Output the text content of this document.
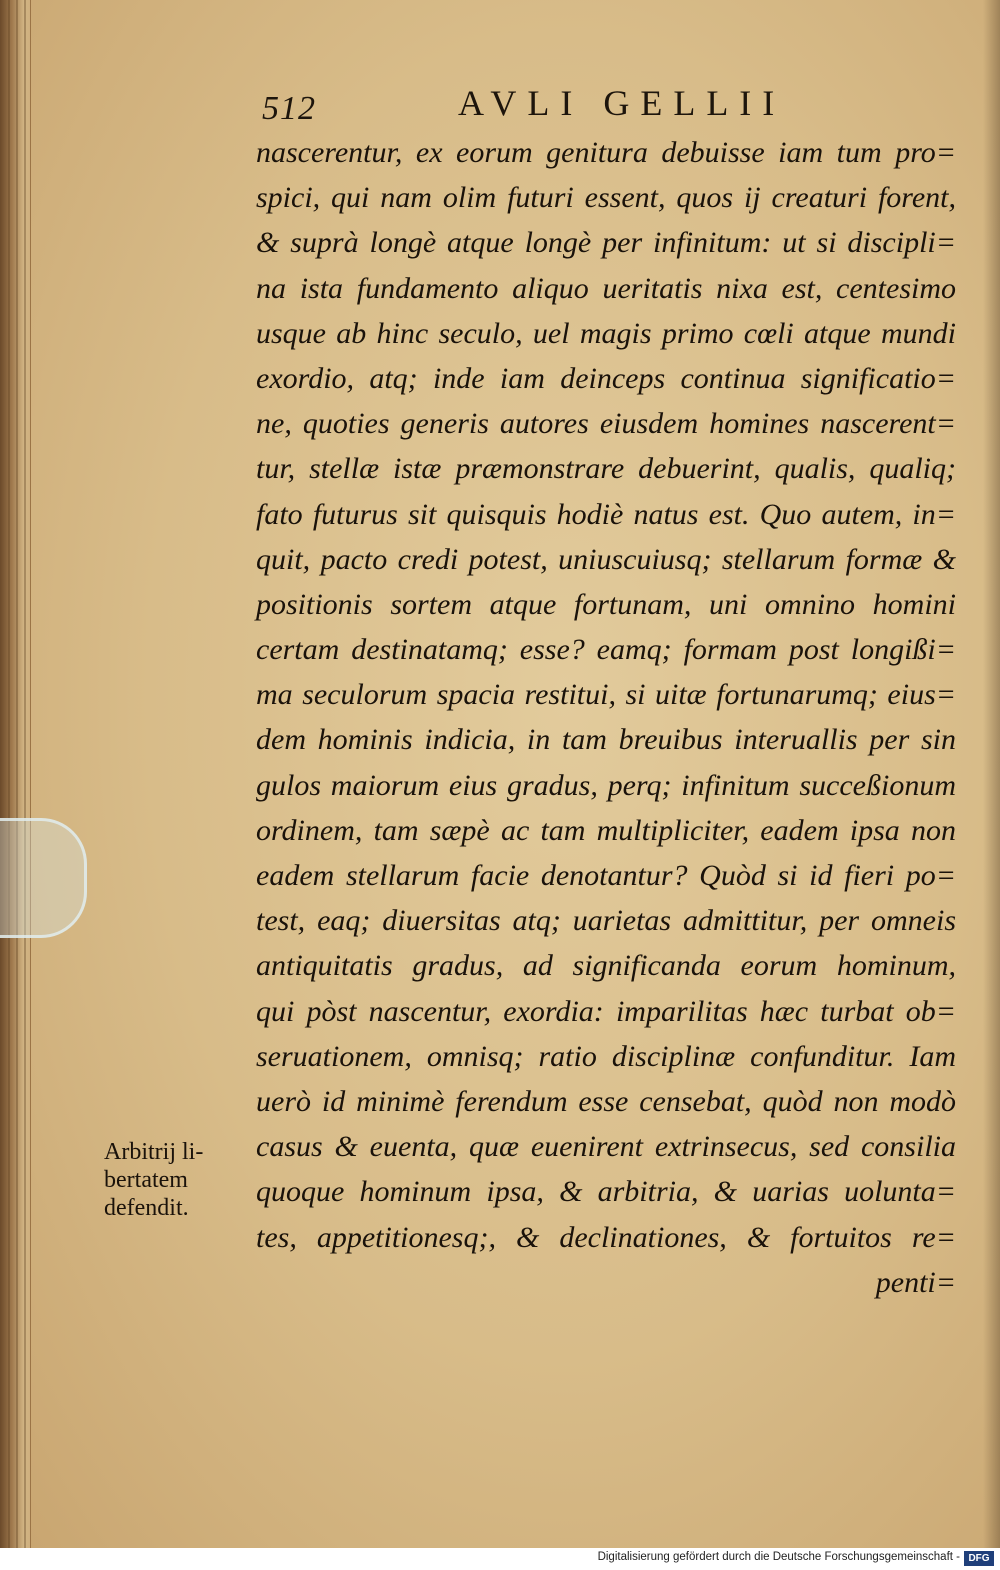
512	AVLI GELLII
nascerentur, ex eorum genitura debuisse iam tum pro=
spici, qui nam olim futuri essent, quos ij creaturi forent,
& suprà longè atque longè per infinitum: ut si discipli=
na ista fundamento aliquo ueritatis nixa est, centesimo
usque ab hinc seculo, uel magis primo cœli atque mundi
exordio, atq; inde iam deinceps continua significatio=
ne, quoties generis autores eiusdem homines nascerent=
tur, stellæ istæ præmonstrare debuerint, qualis, qualiq;
fato futurus sit quisquis hodiè natus est. Quo autem, in=
quit, pacto credi potest, uniuscuiusq; stellarum formæ &
positionis sortem atque fortunam, uni omnino homini
certam destinatamq; esse? eamq; formam post longißi=
ma seculorum spacia restitui, si uitæ fortunarumq; eius=
dem hominis indicia, in tam breuibus interuallis per sin
gulos maiorum eius gradus, perq; infinitum succeßionum
ordinem, tam sæpè ac tam multipliciter, eadem ipsa non
eadem stellarum facie denotantur? Quòd si id fieri po=
test, eaq; diuersitas atq; uarietas admittitur, per omneis
antiquitatis gradus, ad significanda eorum hominum,
qui pòst nascentur, exordia: imparilitas hæc turbat ob=
seruationem, omnisq; ratio disciplinæ confunditur. Iam
uerò id minimè ferendum esse censebat, quòd non modò
casus & euenta, quæ euenirent extrinsecus, sed consilia
quoque hominum ipsa, & arbitria, & uarias uolunta=
tes, appetitionesq;, & declinationes, & fortuitos re=
penti=
Arbitrij li-
bertatem
defendit.
Digitalisierung gefördert durch die Deutsche Forschungsgemeinschaft - DFG
